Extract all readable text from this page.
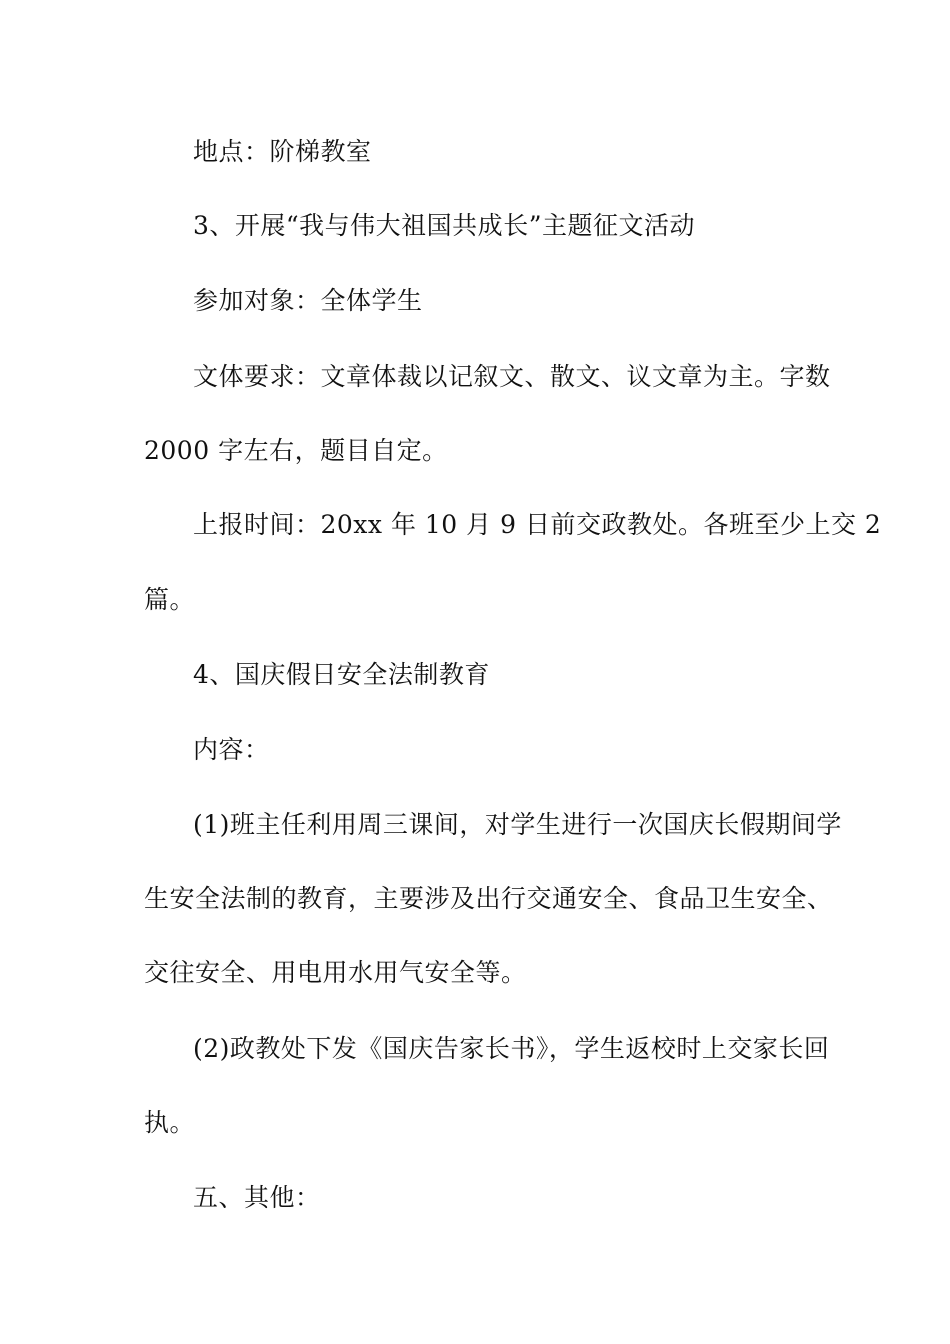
地点：阶梯教室
3、开展“我与伟大祖国共成长”主题征文活动
参加对象：全体学生
文体要求：文章体裁以记叙文、散文、议文章为主。字数
2000 字左右，题目自定。
上报时间：20xx 年 10 月 9 日前交政教处。各班至少上交 2
篇。
4、国庆假日安全法制教育
内容：
(1)班主任利用周三课间，对学生进行一次国庆长假期间学
生安全法制的教育，主要涉及出行交通安全、食品卫生安全、
交往安全、用电用水用气安全等。
(2)政教处下发《国庆告家长书》，学生返校时上交家长回
执。
五、其他：
